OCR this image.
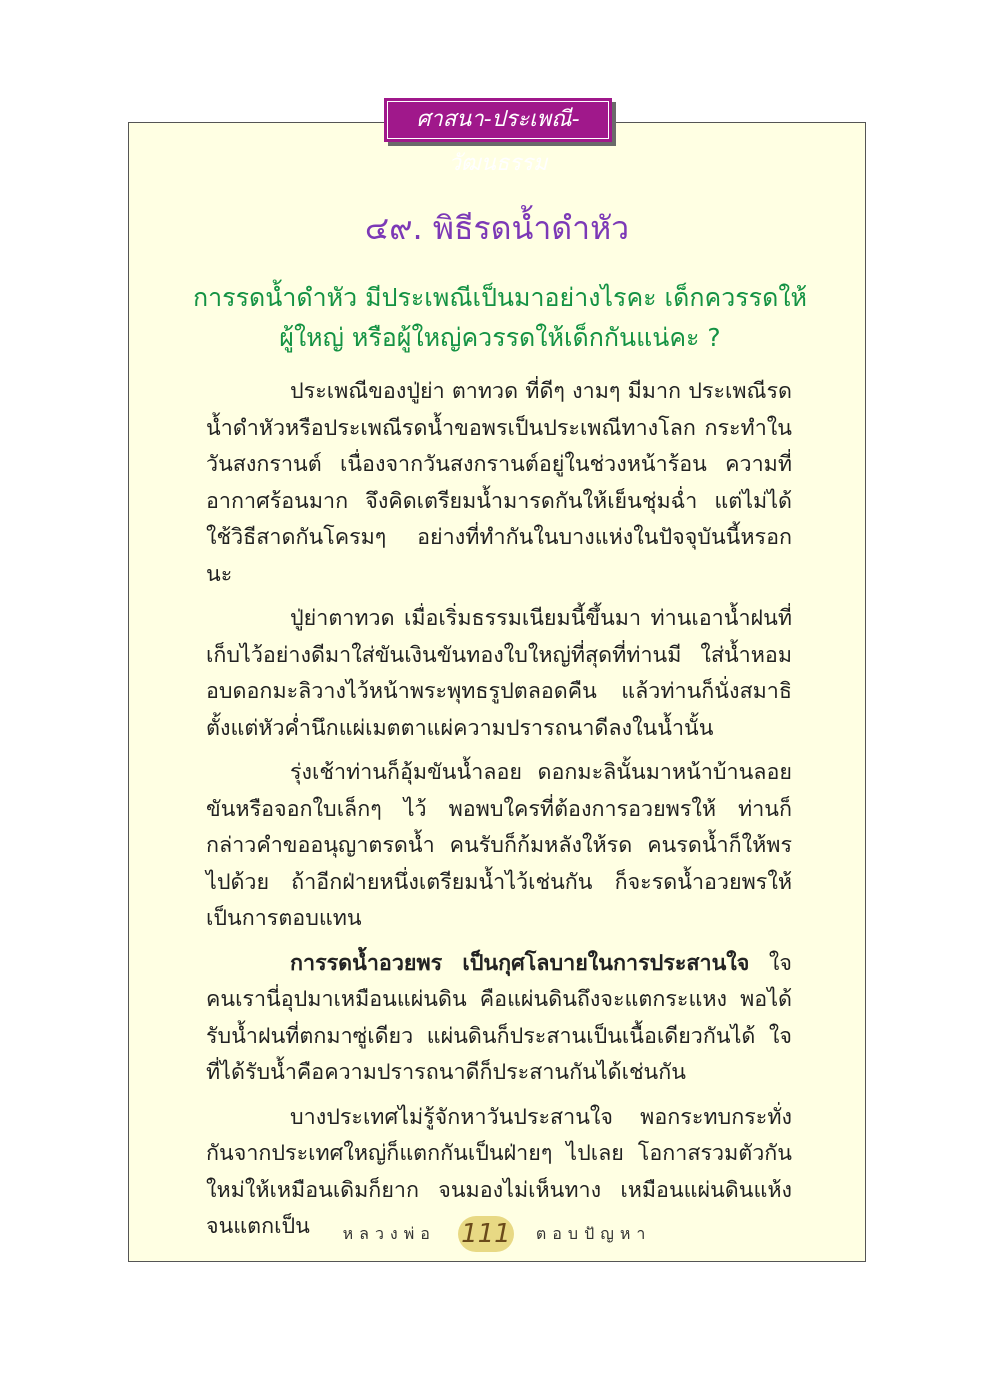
ศาสนา-ประเพณี-วัฒนธรรม
๔๙. พิธีรดน้ำดำหัว
การรดน้ำดำหัว มีประเพณีเป็นมาอย่างไรคะ เด็กควรรดให้
ผู้ใหญ่ หรือผู้ใหญ่ควรรดให้เด็กกันแน่คะ ?

ประเพณีของปู่ย่า ตาทวด ที่ดีๆ งามๆ มีมาก ประเพณีรด น้ำดำหัวหรือประเพณีรดน้ำขอพรเป็นประเพณีทางโลก กระทำในวันสงกรานต์ เนื่องจากวันสงกรานต์อยู่ในช่วงหน้าร้อน ความที่อากาศร้อนมาก จึงคิดเตรียมน้ำมารดกันให้เย็นชุ่มฉ่ำ แต่ไม่ได้ใช้วิธีสาดกันโครมๆ อย่างที่ทำกันในบางแห่งในปัจจุบันนี้หรอกนะ

ปู่ย่าตาทวด เมื่อเริ่มธรรมเนียมนี้ขึ้นมา ท่านเอาน้ำฝนที่เก็บไว้อย่างดีมาใส่ขันเงินขันทองใบใหญ่ที่สุดที่ท่านมี ใส่น้ำหอม อบดอกมะลิวางไว้หน้าพระพุทธรูปตลอดคืน แล้วท่านก็นั่งสมาธิตั้งแต่หัวค่ำนึกแผ่เมตตาแผ่ความปรารถนาดีลงในน้ำนั้น

รุ่งเช้าท่านก็อุ้มขันน้ำลอย ดอกมะลินั้นมาหน้าบ้านลอยขันหรือจอกใบเล็กๆ ไว้ พอพบใครที่ต้องการอวยพรให้ ท่านก็กล่าวคำขออนุญาตรดน้ำ คนรับก็ก้มหลังให้รด คนรดน้ำก็ให้พรไปด้วย ถ้าอีกฝ่ายหนึ่งเตรียมน้ำไว้เช่นกัน ก็จะรดน้ำอวยพรให้เป็นการตอบแทน

การรดน้ำอวยพร เป็นกุศโลบายในการประสานใจ ใจคนเรานี่อุปมาเหมือนแผ่นดิน คือแผ่นดินถึงจะแตกระแหง พอได้รับน้ำฝนที่ตกมาซู่เดียว แผ่นดินก็ประสานเป็นเนื้อเดียวกันได้ ใจที่ได้รับน้ำคือความปรารถนาดีก็ประสานกันได้เช่นกัน

บางประเทศไม่รู้จักหาวันประสานใจ พอกระทบกระทั่งกันจากประเทศใหญ่ก็แตกกันเป็นฝ่ายๆ ไปเลย โอกาสรวมตัวกันใหม่ให้เหมือนเดิมก็ยาก จนมองไม่เห็นทาง เหมือนแผ่นดินแห้งจนแตกเป็น	หลวงพ่อ 111 ตอบปัญหา
